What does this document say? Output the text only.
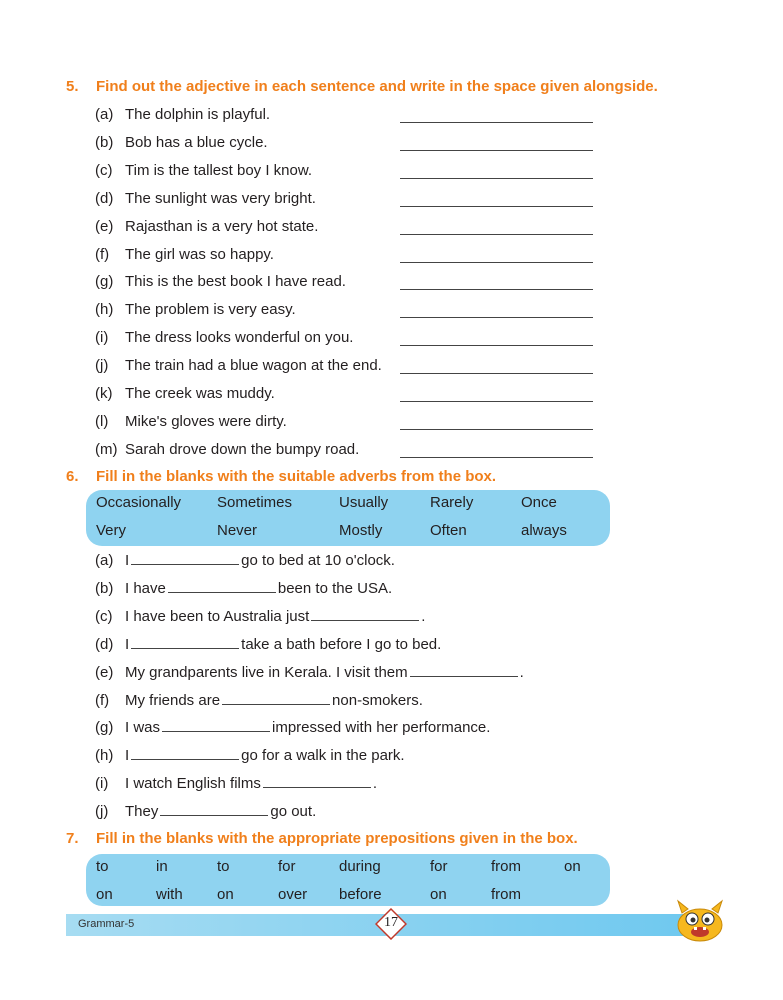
5. Find out the adjective in each sentence and write in the space given alongside.
(a) The dolphin is playful.
(b) Bob has a blue cycle.
(c) Tim is the tallest boy I know.
(d) The sunlight was very bright.
(e) Rajasthan is a very hot state.
(f) The girl was so happy.
(g) This is the best book I have read.
(h) The problem is very easy.
(i) The dress looks wonderful on you.
(j) The train had a blue wagon at the end.
(k) The creek was muddy.
(l) Mike's gloves were dirty.
(m) Sarah drove down the bumpy road.
6. Fill in the blanks with the suitable adverbs from the box.
Occasionally Sometimes	Usually	Rarely	Once
Very	Never	Mostly	Often	always
(a) I	go to bed at 10 o'clock.
(b) I have	been to the USA.
(c) I have been to Australia just	.
(d) I	take a bath before I go to bed.
(e) My grandparents live in Kerala. I visit them	.
(f) My friends are	non-smokers.
(g) I was	impressed with her performance.
(h) I	go for a walk in the park.
(i) I watch English films	.
(j) They	go out.
7. Fill in the blanks with the appropriate prepositions given in the box.
to	in	to	for	during	for	from	on
on	with on	over before	on	from
Grammar-5	17
